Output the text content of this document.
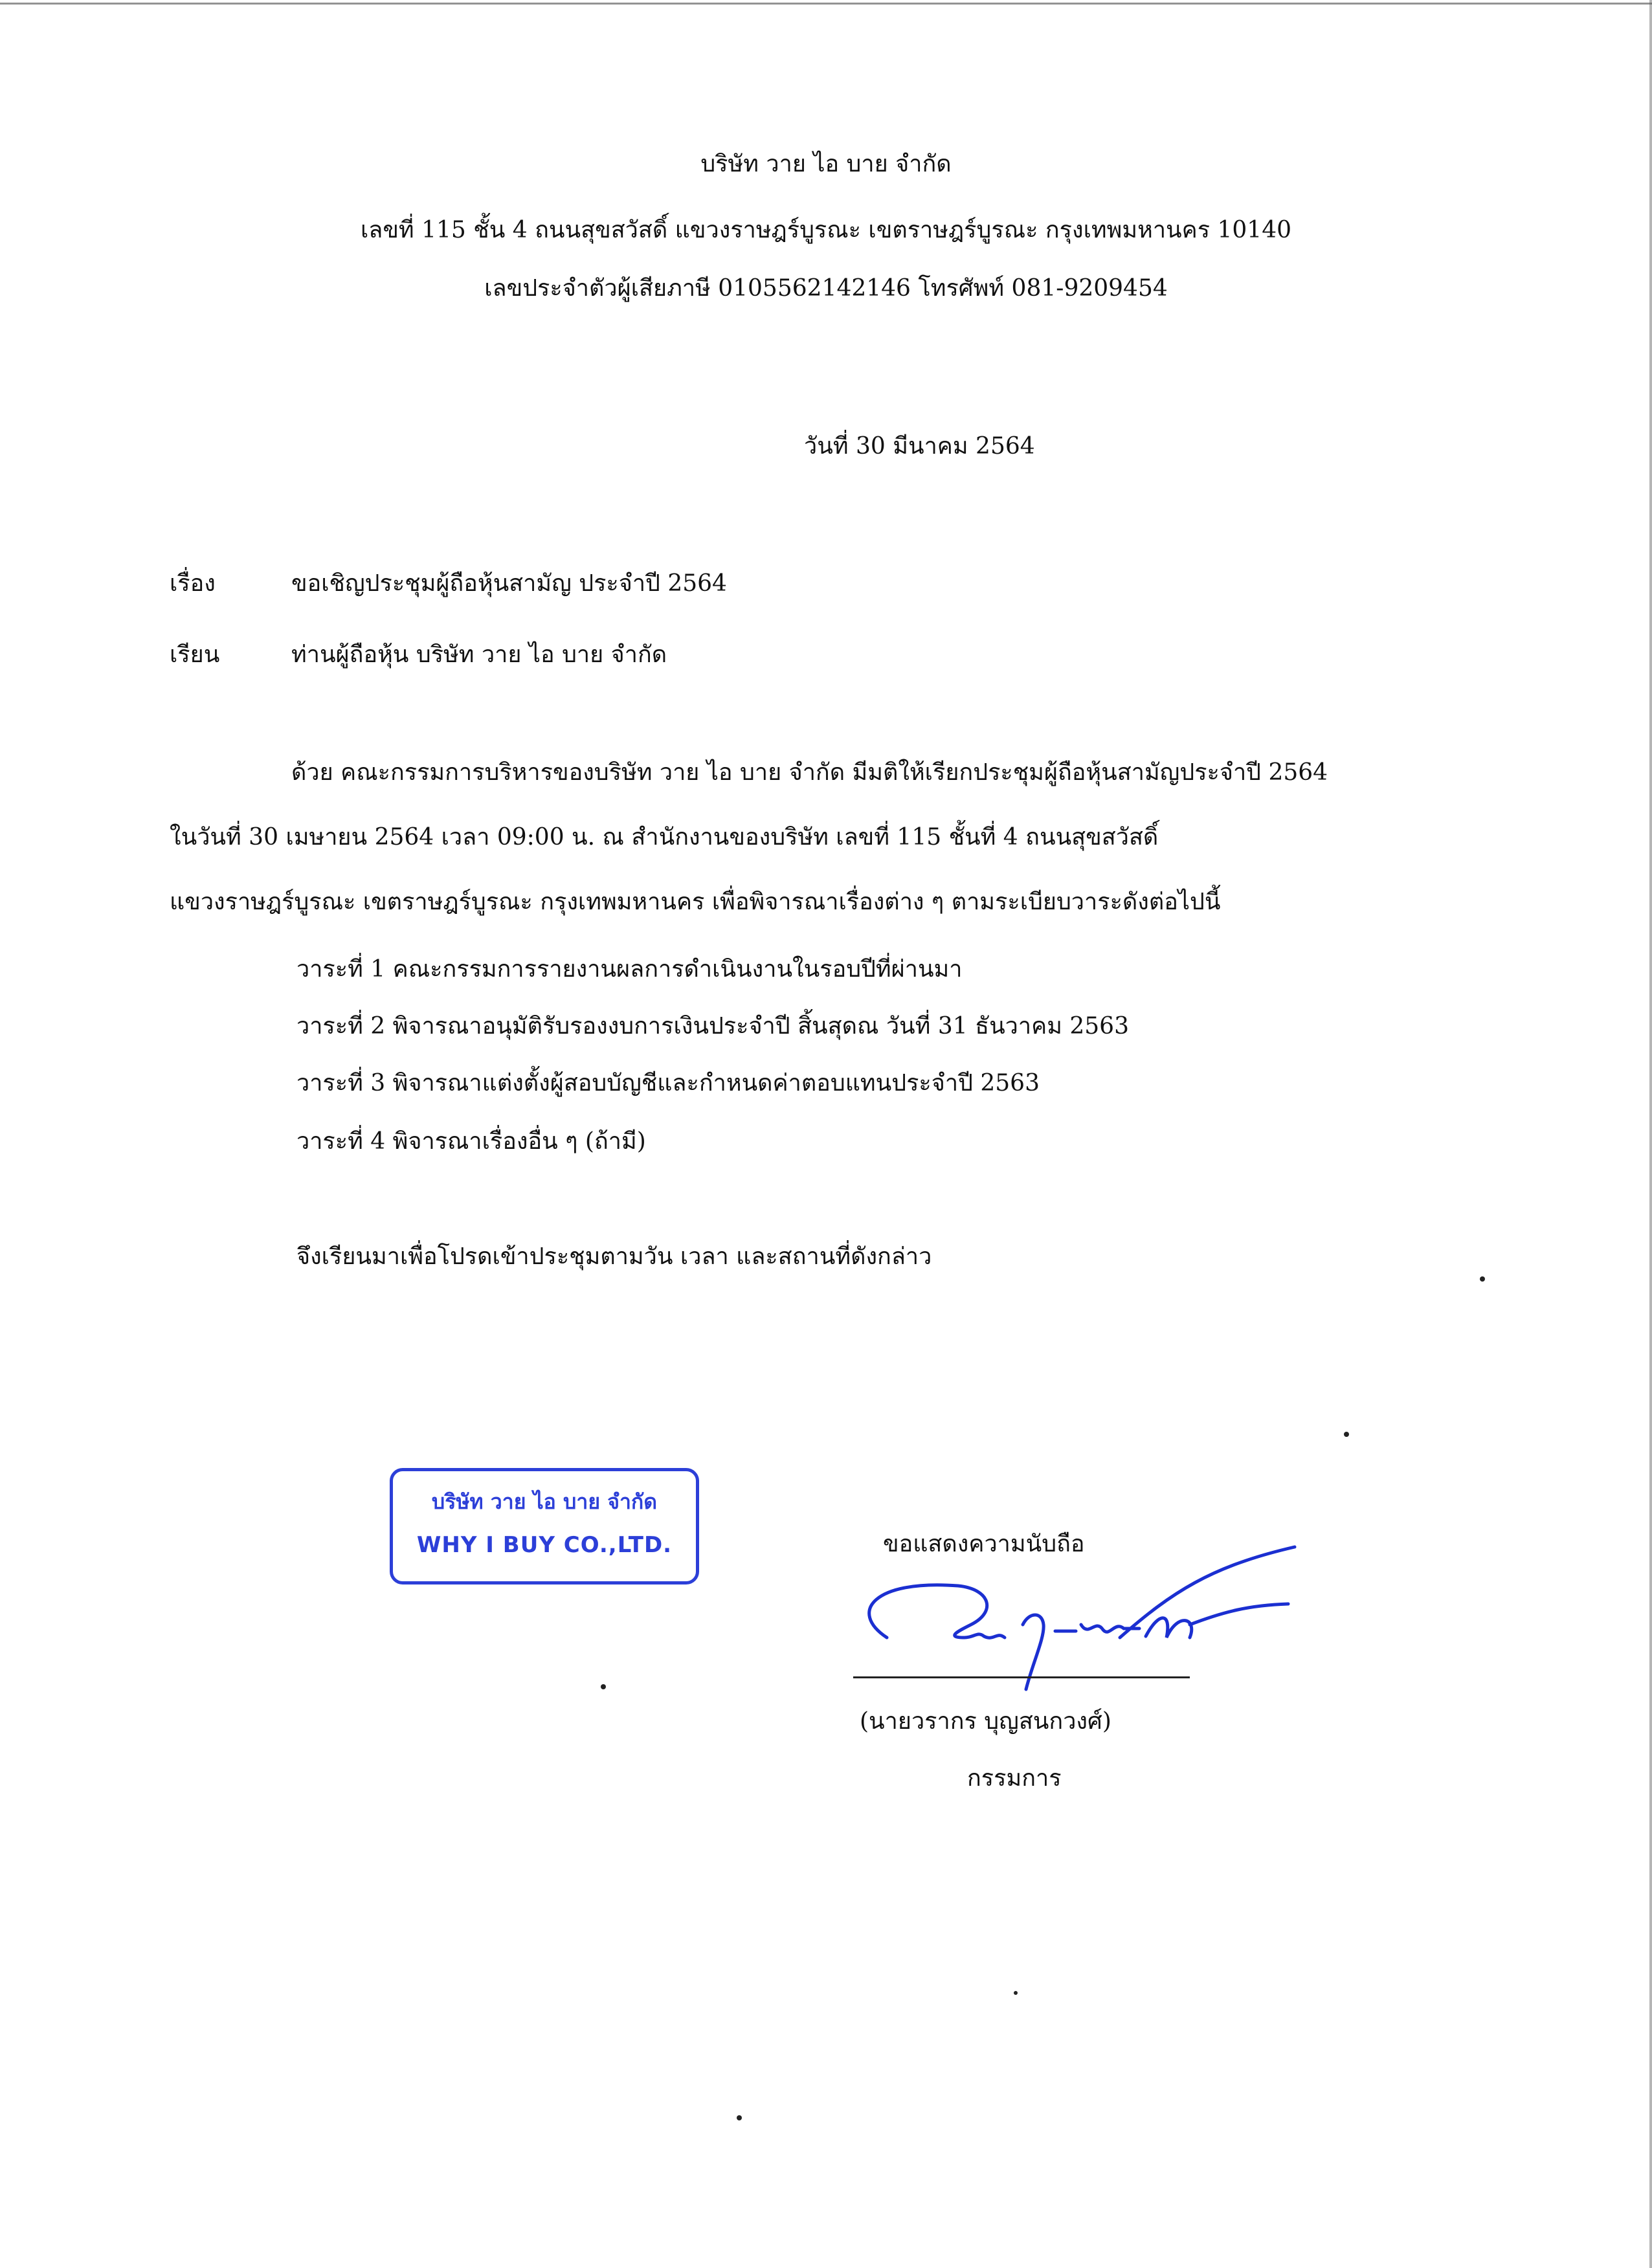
บริษัท วาย ไอ บาย จำกัด
เลขที่ 115 ชั้น 4 ถนนสุขสวัสดิ์ แขวงราษฎร์บูรณะ เขตราษฎร์บูรณะ กรุงเทพมหานคร 10140
เลขประจำตัวผู้เสียภาษี 0105562142146 โทรศัพท์ 081-9209454
วันที่ 30 มีนาคม 2564
เรื่อง	ขอเชิญประชุมผู้ถือหุ้นสามัญ ประจำปี 2564
เรียน	ท่านผู้ถือหุ้น บริษัท วาย ไอ บาย จำกัด
ด้วย คณะกรรมการบริหารของบริษัท วาย ไอ บาย จำกัด มีมติให้เรียกประชุมผู้ถือหุ้นสามัญประจำปี 2564
ในวันที่ 30 เมษายน 2564 เวลา 09:00 น. ณ สำนักงานของบริษัท เลขที่ 115 ชั้นที่ 4 ถนนสุขสวัสดิ์
แขวงราษฎร์บูรณะ เขตราษฎร์บูรณะ กรุงเทพมหานคร เพื่อพิจารณาเรื่องต่าง ๆ ตามระเบียบวาระดังต่อไปนี้
วาระที่ 1 คณะกรรมการรายงานผลการดำเนินงานในรอบปีที่ผ่านมา
วาระที่ 2 พิจารณาอนุมัติรับรองงบการเงินประจำปี สิ้นสุดณ วันที่ 31 ธันวาคม 2563
วาระที่ 3 พิจารณาแต่งตั้งผู้สอบบัญชีและกำหนดค่าตอบแทนประจำปี 2563
วาระที่ 4 พิจารณาเรื่องอื่น ๆ (ถ้ามี)
จึงเรียนมาเพื่อโปรดเข้าประชุมตามวัน เวลา และสถานที่ดังกล่าว
บริษัท วาย ไอ บาย จำกัด
WHY I BUY CO.,LTD.	ขอแสดงความนับถือ
(นายวรากร บุญสนกวงศ์)
กรรมการ
